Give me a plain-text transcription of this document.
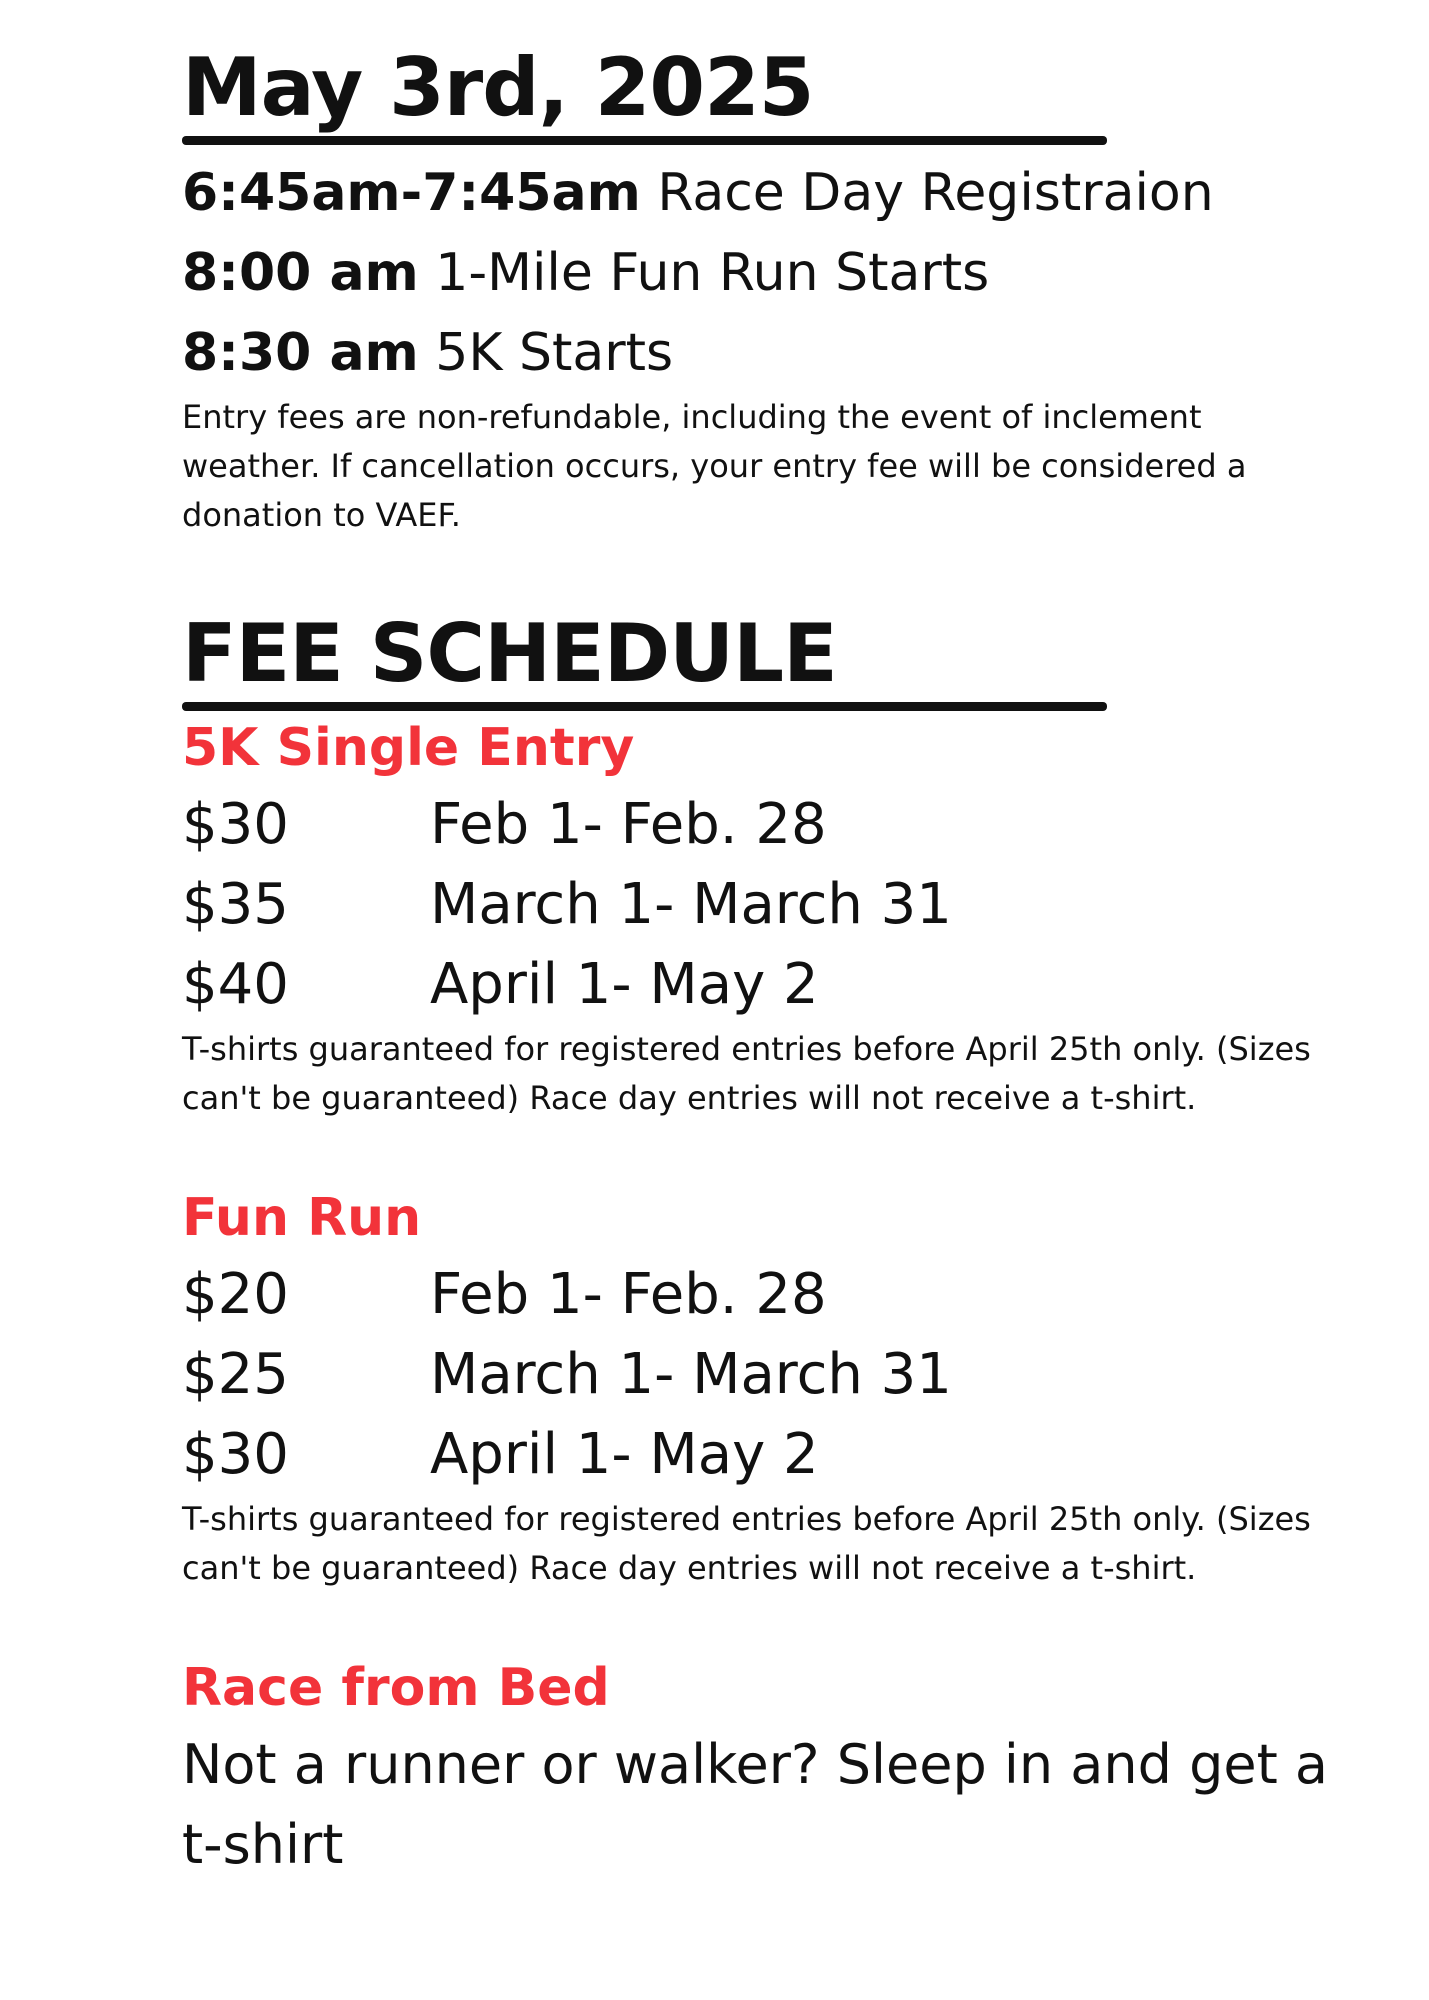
May 3rd, 2025
6:45am-7:45am Race Day Registraion
8:00 am 1-Mile Fun Run Starts
8:30 am 5K Starts
Entry fees are non-refundable, including the event of inclement weather. If cancellation occurs, your entry fee will be considered a donation to VAEF.
FEE SCHEDULE
5K Single Entry
$30	Feb 1- Feb. 28
$35	March 1- March 31
$40	April 1- May 2
T-shirts guaranteed for registered entries before April 25th only. (Sizes can't be guaranteed) Race day entries will not receive a t-shirt.
Fun Run
$20	Feb 1- Feb. 28
$25	March 1- March 31
$30	April 1- May 2
T-shirts guaranteed for registered entries before April 25th only. (Sizes can't be guaranteed) Race day entries will not receive a t-shirt.
Race from Bed
Not a runner or walker? Sleep in and get a t-shirt
